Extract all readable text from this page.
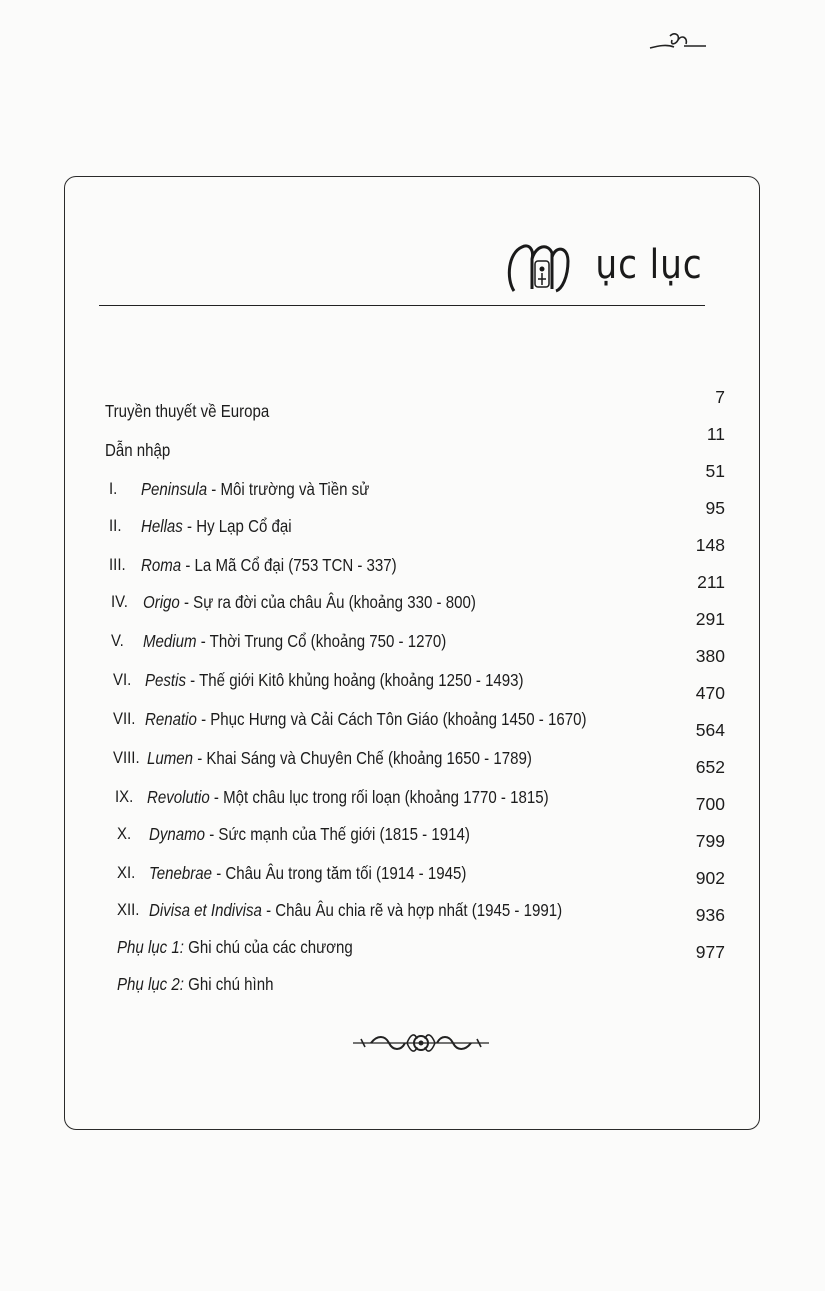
ục lục
Truyền thuyết về Europa
7
Dẫn nhập
11
I. Peninsula - Môi trường và Tiền sử
51
II. Hellas - Hy Lạp Cổ đại
95
III. Roma - La Mã Cổ đại (753 TCN - 337)
148
IV. Origo - Sự ra đời của châu Âu (khoảng 330 - 800)
211
V. Medium - Thời Trung Cổ (khoảng 750 - 1270)
291
VI. Pestis - Thế giới Kitô khủng hoảng (khoảng 1250 - 1493)
380
VII. Renatio - Phục Hưng và Cải Cách Tôn Giáo (khoảng 1450 - 1670)
470
VIII. Lumen - Khai Sáng và Chuyên Chế (khoảng 1650 - 1789)
564
IX. Revolutio - Một châu lục trong rối loạn (khoảng 1770 - 1815)
652
X. Dynamo - Sức mạnh của Thế giới (1815 - 1914)
700
XI. Tenebrae - Châu Âu trong tăm tối (1914 - 1945)
799
XII. Divisa et Indivisa - Châu Âu chia rẽ và hợp nhất (1945 - 1991)
902
Phụ lục 1: Ghi chú của các chương
936
Phụ lục 2: Ghi chú hình
977
